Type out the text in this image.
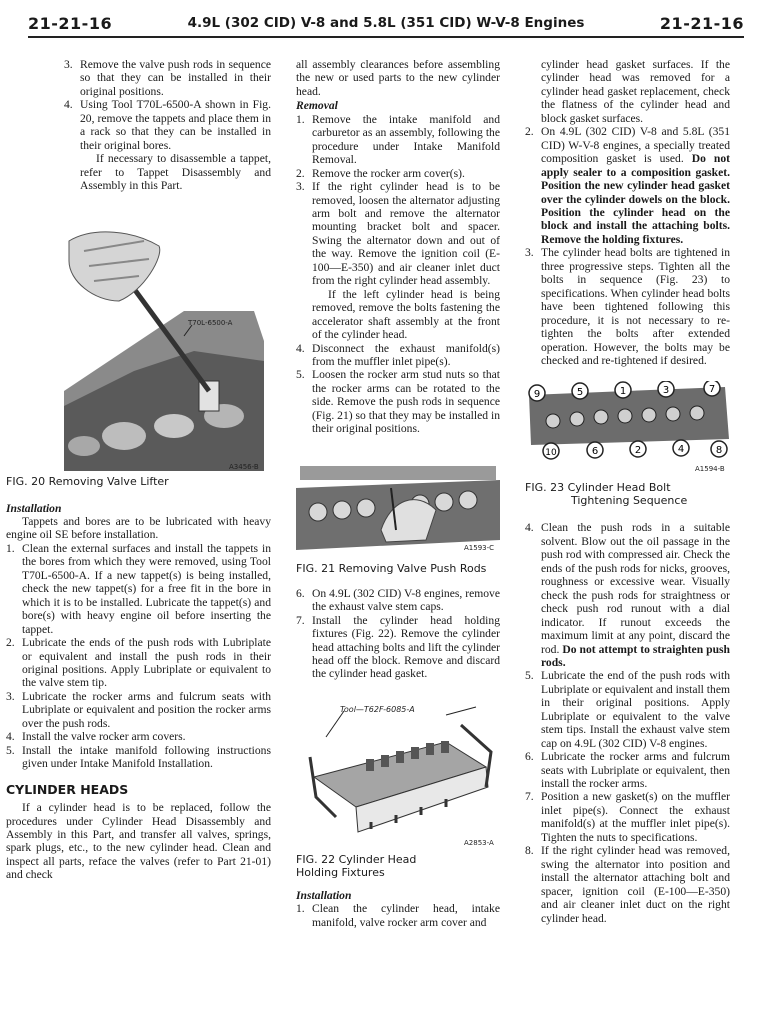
21-21-16	4.9L (302 CID) V-8 and 5.8L (351 CID) W-V-8 Engines	21-21-16
3. Remove the valve push rods in sequence so that they can be installed in their original positions.
4. Using Tool T70L-6500-A shown in Fig. 20, remove the tappets and place them in a rack so that they can be installed in their original bores.

If necessary to disassemble a tappet, refer to Tappet Disassembly and Assembly in this Part.

T70L-6500-A
A3456-B
FIG. 20 Removing Valve Lifter
Installation

Tappets and bores are to be lubricated with heavy engine oil SE before installation.

1. Clean the external surfaces and install the tappets in the bores from which they were removed, using Tool T70L-6500-A. If a new tappet(s) is being installed, check the new tappet(s) for a free fit in the bore in which it is to be installed. Lubricate the tappet(s) and bore(s) with heavy engine oil before inserting the tappet.
2. Lubricate the ends of the push rods with Lubriplate or equivalent and install the push rods in their original positions. Apply Lubriplate or equivalent to the valve stem tip.
3. Lubricate the rocker arms and fulcrum seats with Lubriplate or equivalent and position the rocker arms over the push rods.
4. Install the valve rocker arm covers.
5. Install the intake manifold following instructions given under Intake Manifold Installation.
CYLINDER HEADS

If a cylinder head is to be replaced, follow the procedures under Cylinder Head Disassembly and Assembly in this Part, and transfer all valves, springs, spark plugs, etc., to the new cylinder head. Clean and inspect all parts, reface the valves (refer to Part 21-01) and check

all assembly clearances before assembling the new or used parts to the new cylinder head.

Removal
1. Remove the intake manifold and carburetor as an assembly, following the procedure under Intake Manifold Removal.
2. Remove the rocker arm cover(s).
3. If the right cylinder head is to be removed, loosen the alternator adjusting arm bolt and remove the alternator mounting bracket bolt and spacer. Swing the alternator down and out of the way. Remove the ignition coil (E-100—E-350) and air cleaner inlet duct from the right cylinder head assembly.

If the left cylinder head is being removed, remove the bolts fastening the accelerator shaft assembly at the front of the cylinder head.

4. Disconnect the exhaust manifold(s) from the muffler inlet pipe(s).
5. Loosen the rocker arm stud nuts so that the rocker arms can be rotated to the side. Remove the push rods in sequence (Fig. 21) so that they may be installed in their original positions.
A1593-C
FIG. 21 Removing Valve Push Rods
6. On 4.9L (302 CID) V-8 engines, remove the exhaust valve stem caps.
7. Install the cylinder head holding fixtures (Fig. 22). Remove the cylinder head attaching bolts and lift the cylinder head off the block. Remove and discard the cylinder head gasket.
Tool—T62F-6085-A
A2853-A
FIG. 22 Cylinder Head Holding Fixtures
Installation
1. Clean the cylinder head, intake manifold, valve rocker arm cover and

cylinder head gasket surfaces. If the cylinder head was removed for a cylinder head gasket replacement, check the flatness of the cylinder head and block gasket surfaces.

2. On 4.9L (302 CID) V-8 and 5.8L (351 CID) W-V-8 engines, a specially treated composition gasket is used. Do not apply sealer to a composition gasket. Position the new cylinder head gasket over the cylinder dowels on the block. Position the cylinder head on the block and install the attaching bolts. Remove the holding fixtures.
3. The cylinder head bolts are tightened in three progressive steps. Tighten all the bolts in sequence (Fig. 23) to specifications. When cylinder head bolts have been tightened following this procedure, it is not necessary to re-tighten the bolts after extended operation. However, the bolts may be checked and re-tightened if desired.
9	5	1	3	7
10	6	2	4	8
A1594-B
FIG. 23 Cylinder Head Bolt
Tightening Sequence
4. Clean the push rods in a suitable solvent. Blow out the oil passage in the push rod with compressed air. Check the ends of the push rods for nicks, grooves, roughness or excessive wear. Visually check the push rods for straightness or check push rod runout with a dial indicator. If runout exceeds the maximum limit at any point, discard the rod. Do not attempt to straighten push rods.
5. Lubricate the end of the push rods with Lubriplate or equivalent and install them in their original positions. Apply Lubriplate or equivalent to the valve stem tips. Install the exhaust valve stem cap on 4.9L (302 CID) V-8 engines.
6. Lubricate the rocker arms and fulcrum seats with Lubriplate or equivalent, then install the rocker arms.
7. Position a new gasket(s) on the muffler inlet pipe(s). Connect the exhaust manifold(s) at the muffler inlet pipe(s). Tighten the nuts to specifications.
8. If the right cylinder head was removed, swing the alternator into position and install the alternator attaching bolt and spacer, ignition coil (E-100—E-350) and air cleaner inlet duct on the right cylinder head.
